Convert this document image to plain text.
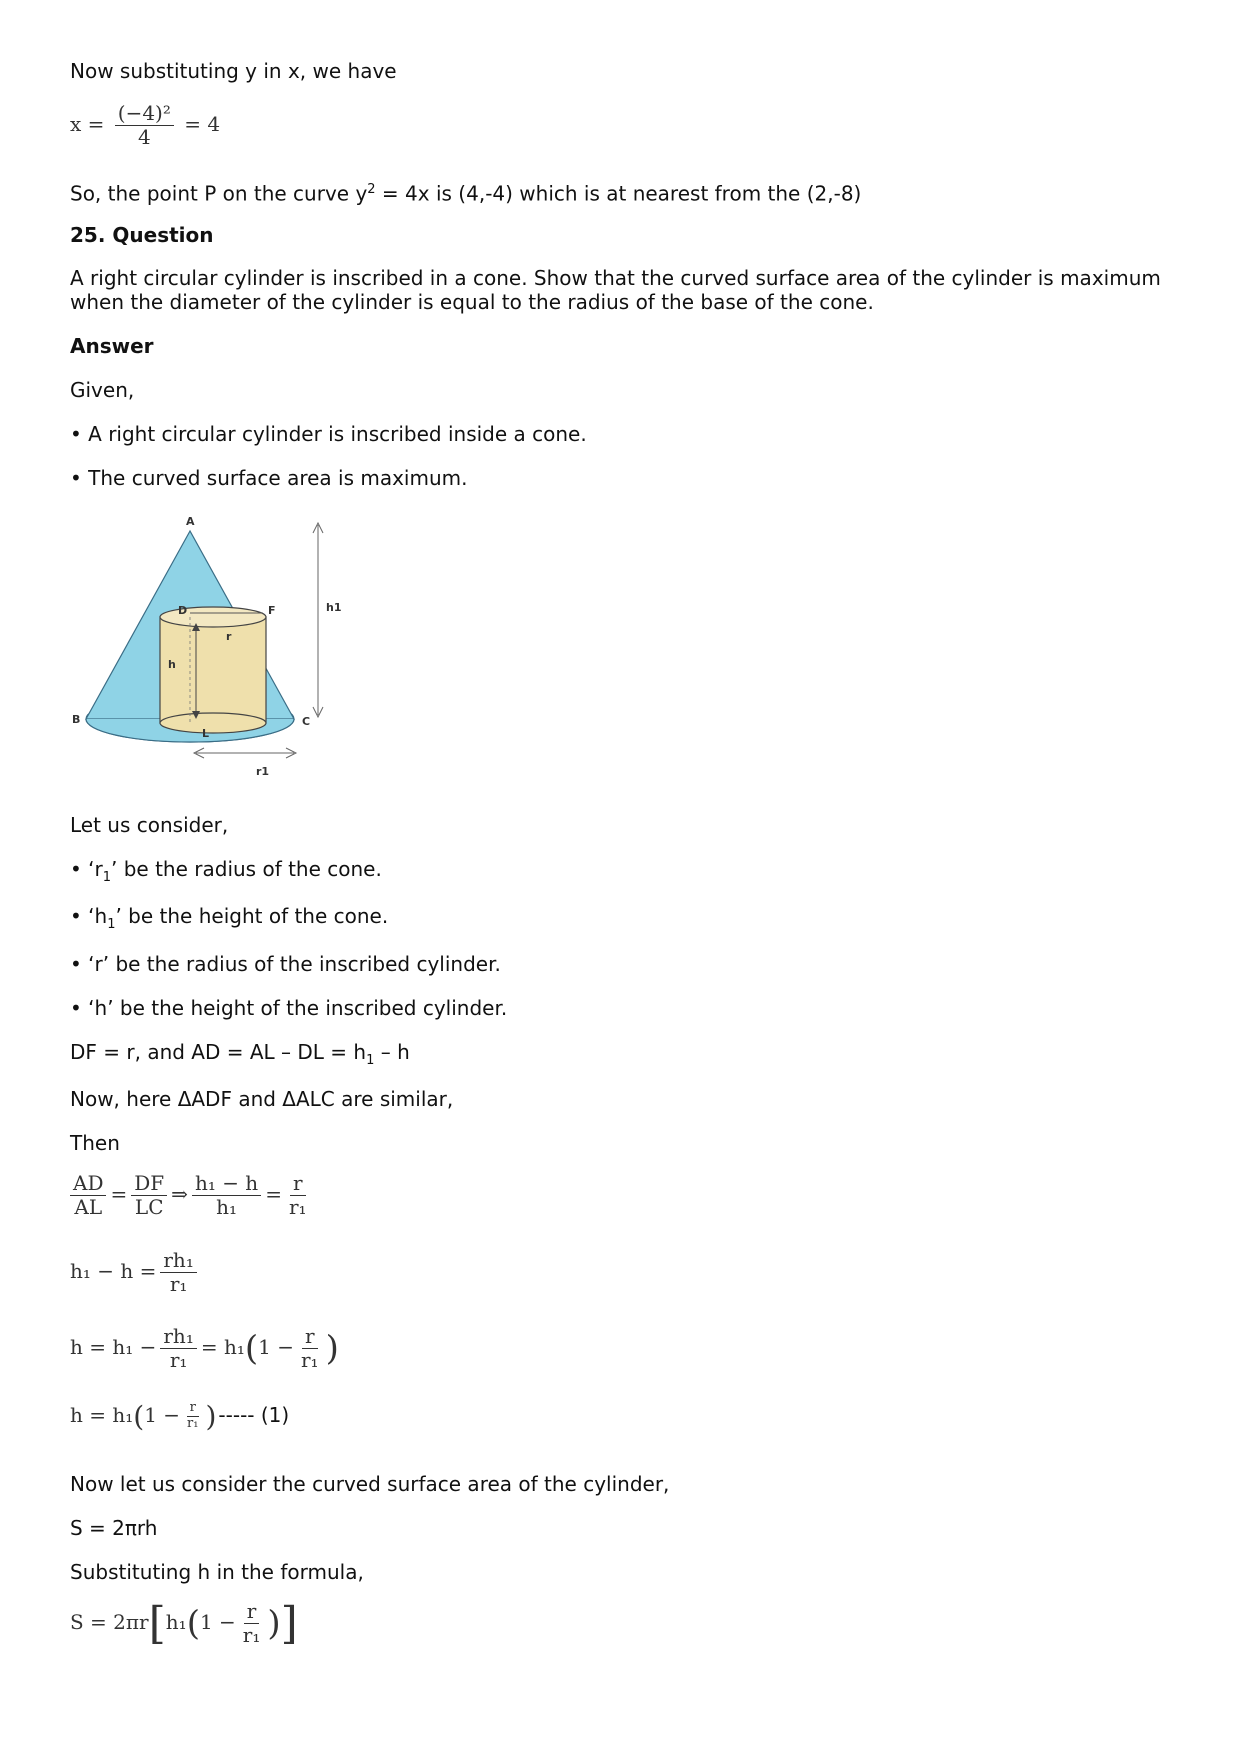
Now substituting y in x, we have
$x = \frac{\text{(−4)²}}{4} = 4$
So, the point P on the curve $y^2 = 4x$ is (4,-4) which is at nearest from the (2,-8)
25. Question
A right circular cylinder is inscribed in a cone. Show that the curved surface area of the cylinder is maximum when the diameter of the cylinder is equal to the radius of the base of the cone.
Answer
Given,
• A right circular cylinder is inscribed inside a cone.
• The curved surface area is maximum.
A
B	C
D	F
L
h
r
h1
r1
Let us consider,
• ‘$r_1$’ be the radius of the cone.
• ‘$h_1$’ be the height of the cone.
• ‘r’ be the radius of the inscribed cylinder.
• ‘h’ be the height of the inscribed cylinder.
DF = r, and AD = AL – DL = $h_1$ – h
Now, here ΔADF and ΔALC are similar,
Then
$\frac{AD}{AL} = \frac{DF}{LC}$ ⇒ $\frac{\text{h₁ − h}}{\text{h₁}} = \frac{r}{\text{r₁}}$
$h_1 - h = \frac{\text{rh₁}}{\text{r₁}}$
$h = h_1 - \frac{\text{rh₁}}{\text{r₁}} = h_1(1 - \frac{r}{\text{r₁}}$ )
$h = h_1(1 - \frac{r}{\text{r₁}}$ ) ----- (1)
Now let us consider the curved surface area of the cylinder,
S = 2πrh
Substituting h in the formula,
$S = 2\pi r[h_1(1 - \frac{r}{\text{r₁}}$ )]
